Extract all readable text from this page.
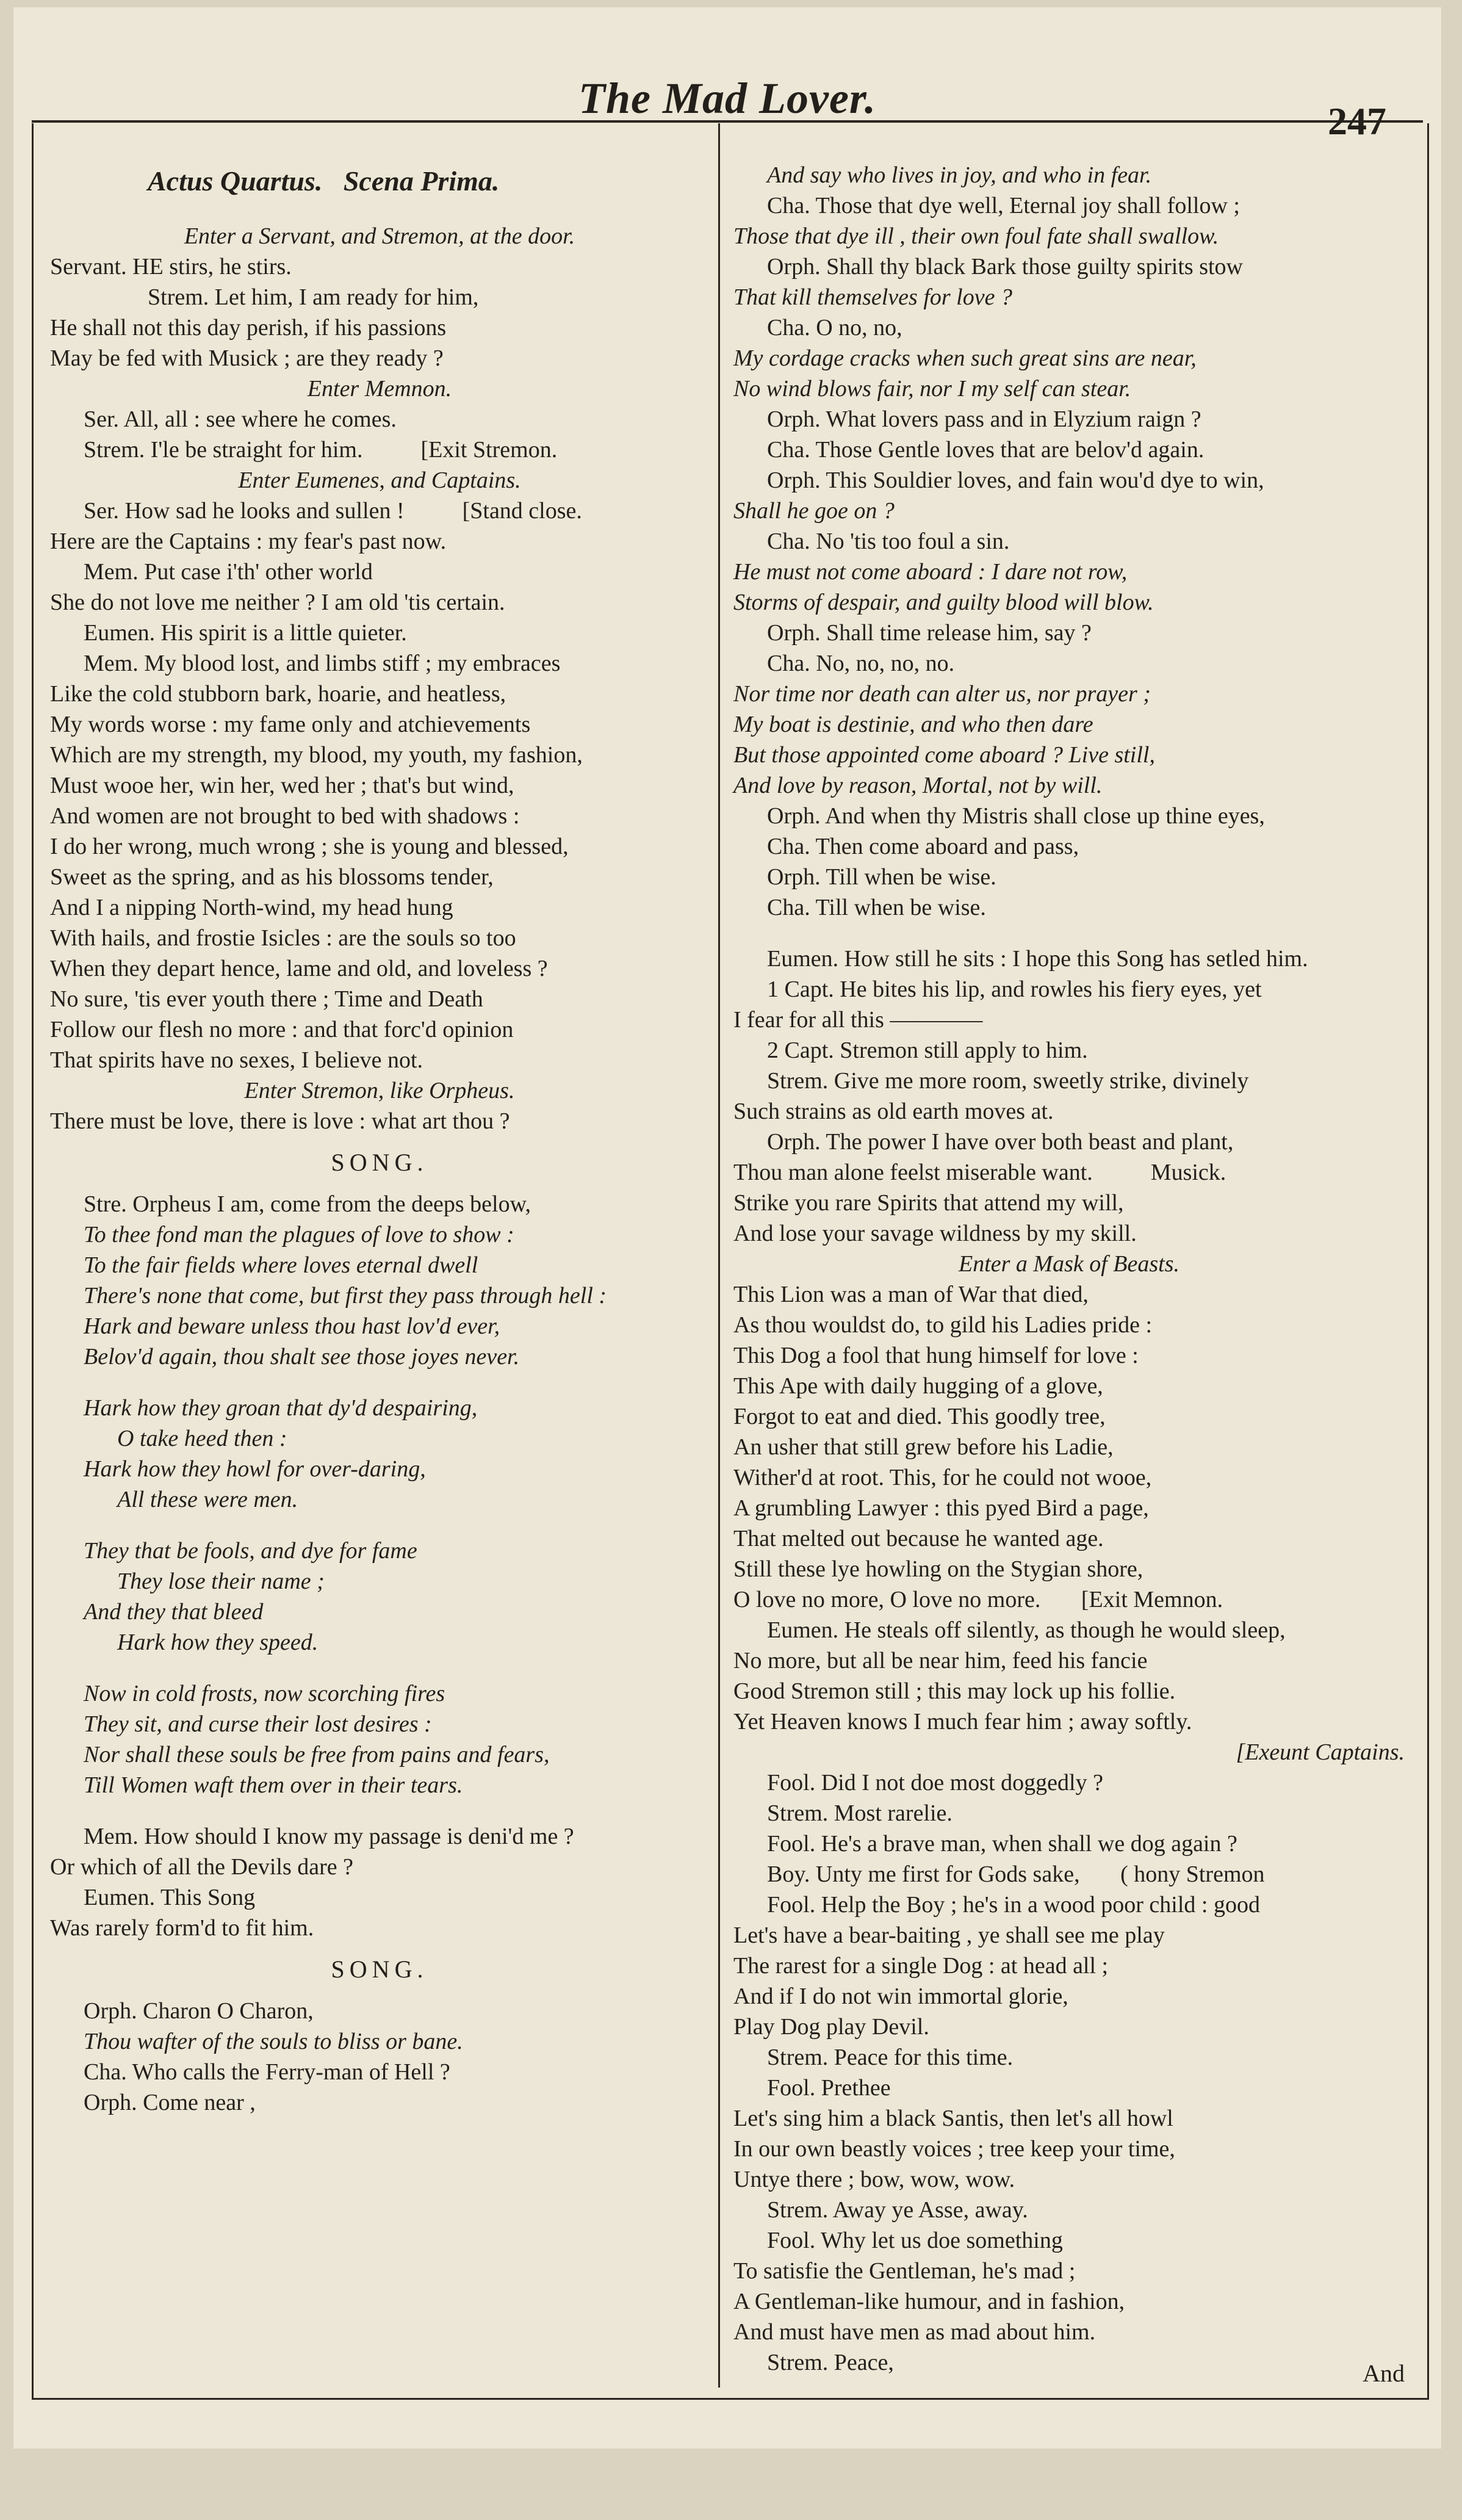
The Mad Lover.	247
Actus Quartus.   Scena Prima.
Enter a Servant, and Stremon, at the door.
Servant. HE stirs, he stirs.
Strem. Let him, I am ready for him,
He shall not this day perish, if his passions
May be fed with Musick ; are they ready ?
Enter Memnon.
Ser. All, all : see where he comes.
Strem. I'le be straight for him.          [Exit Stremon.
Enter Eumenes, and Captains.
Ser. How sad he looks and sullen !          [Stand close.
Here are the Captains : my fear's past now.
Mem. Put case i'th' other world
She do not love me neither ? I am old 'tis certain.
Eumen. His spirit is a little quieter.
Mem. My blood lost, and limbs stiff ; my embraces
Like the cold stubborn bark, hoarie, and heatless,
My words worse : my fame only and atchievements
Which are my strength, my blood, my youth, my fashion,
Must wooe her, win her, wed her ; that's but wind,
And women are not brought to bed with shadows :
I do her wrong, much wrong ; she is young and blessed,
Sweet as the spring, and as his blossoms tender,
And I a nipping North-wind, my head hung
With hails, and frostie Isicles : are the souls so too
When they depart hence, lame and old, and loveless ?
No sure, 'tis ever youth there ; Time and Death
Follow our flesh no more : and that forc'd opinion
That spirits have no sexes, I believe not.
Enter Stremon, like Orpheus.
There must be love, there is love : what art thou ?
SONG.
Stre. Orpheus I am, come from the deeps below,
To thee fond man the plagues of love to show :
To the fair fields where loves eternal dwell
There's none that come, but first they pass through hell :
Hark and beware unless thou hast lov'd ever,
Belov'd again, thou shalt see those joyes never.
Hark how they groan that dy'd despairing,
O take heed then :
Hark how they howl for over-daring,
All these were men.
They that be fools, and dye for fame
They lose their name ;
And they that bleed
Hark how they speed.
Now in cold frosts, now scorching fires
They sit, and curse their lost desires :
Nor shall these souls be free from pains and fears,
Till Women waft them over in their tears.
Mem. How should I know my passage is deni'd me ?
Or which of all the Devils dare ?
Eumen. This Song
Was rarely form'd to fit him.
SONG.
Orph. Charon O Charon,
Thou wafter of the souls to bliss or bane.
Cha. Who calls the Ferry-man of Hell ?
Orph. Come near ,
And say who lives in joy, and who in fear.
Cha. Those that dye well, Eternal joy shall follow ;
Those that dye ill , their own foul fate shall swallow.
Orph. Shall thy black Bark those guilty spirits stow
That kill themselves for love ?
Cha. O no, no,
My cordage cracks when such great sins are near,
No wind blows fair, nor I my self can stear.
Orph. What lovers pass and in Elyzium raign ?
Cha. Those Gentle loves that are belov'd again.
Orph. This Souldier loves, and fain wou'd dye to win,
Shall he goe on ?
Cha. No 'tis too foul a sin.
He must not come aboard : I dare not row,
Storms of despair, and guilty blood will blow.
Orph. Shall time release him, say ?
Cha. No, no, no, no.
Nor time nor death can alter us, nor prayer ;
My boat is destinie, and who then dare
But those appointed come aboard ? Live still,
And love by reason, Mortal, not by will.
Orph. And when thy Mistris shall close up thine eyes,
Cha. Then come aboard and pass,
Orph. Till when be wise.
Cha. Till when be wise.
Eumen. How still he sits : I hope this Song has setled him.
1 Capt. He bites his lip, and rowles his fiery eyes, yet
I fear for all this ————
2 Capt. Stremon still apply to him.
Strem. Give me more room, sweetly strike, divinely
Such strains as old earth moves at.
Orph. The power I have over both beast and plant,
Thou man alone feelst miserable want.          Musick.
Strike you rare Spirits that attend my will,
And lose your savage wildness by my skill.
Enter a Mask of Beasts.
This Lion was a man of War that died,
As thou wouldst do, to gild his Ladies pride :
This Dog a fool that hung himself for love :
This Ape with daily hugging of a glove,
Forgot to eat and died. This goodly tree,
An usher that still grew before his Ladie,
Wither'd at root. This, for he could not wooe,
A grumbling Lawyer : this pyed Bird a page,
That melted out because he wanted age.
Still these lye howling on the Stygian shore,
O love no more, O love no more.       [Exit Memnon.
Eumen. He steals off silently, as though he would sleep,
No more, but all be near him, feed his fancie
Good Stremon still ; this may lock up his follie.
Yet Heaven knows I much fear him ; away softly.
[Exeunt Captains.
Fool. Did I not doe most doggedly ?
Strem. Most rarelie.
Fool. He's a brave man, when shall we dog again ?
Boy. Unty me first for Gods sake,       ( hony Stremon
Fool. Help the Boy ; he's in a wood poor child : good
Let's have a bear-baiting , ye shall see me play
The rarest for a single Dog : at head all ;
And if I do not win immortal glorie,
Play Dog play Devil.
Strem. Peace for this time.
Fool. Prethee
Let's sing him a black Santis, then let's all howl
In our own beastly voices ; tree keep your time,
Untye there ; bow, wow, wow.
Strem. Away ye Asse, away.
Fool. Why let us doe something
To satisfie the Gentleman, he's mad ;
A Gentleman-like humour, and in fashion,
And must have men as mad about him.
Strem. Peace,	And
